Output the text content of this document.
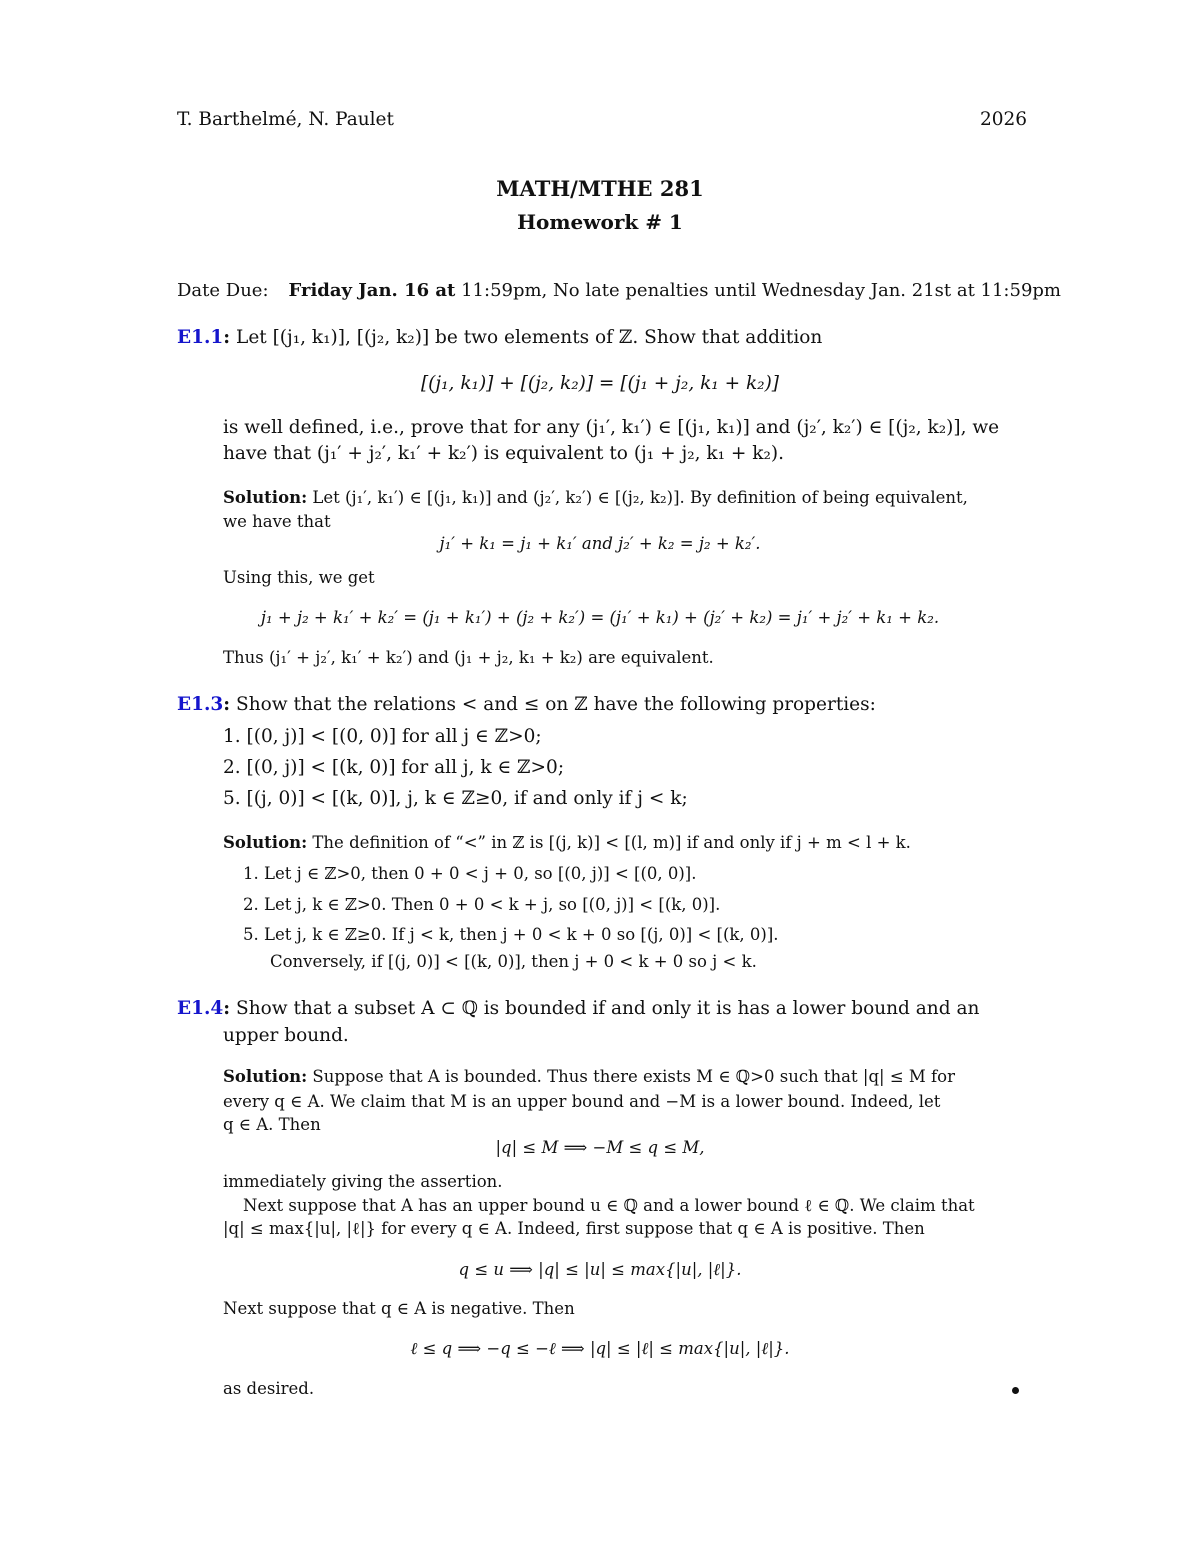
T. Barthelmé, N. Paulet	2026
MATH/MTHE 281
Homework # 1
Date Due: Friday Jan. 16 at 11:59pm, No late penalties until Wednesday Jan. 21st at 11:59pm
E1.1: Let [(j₁, k₁)], [(j₂, k₂)] be two elements of ℤ. Show that addition
[(j₁, k₁)] + [(j₂, k₂)] = [(j₁ + j₂, k₁ + k₂)]
is well defined, i.e., prove that for any (j₁′, k₁′) ∈ [(j₁, k₁)] and (j₂′, k₂′) ∈ [(j₂, k₂)], we
have that (j₁′ + j₂′, k₁′ + k₂′) is equivalent to (j₁ + j₂, k₁ + k₂).
Solution: Let (j₁′, k₁′) ∈ [(j₁, k₁)] and (j₂′, k₂′) ∈ [(j₂, k₂)]. By definition of being equivalent,
we have that
j₁′ + k₁ = j₁ + k₁′ and j₂′ + k₂ = j₂ + k₂′.
Using this, we get
j₁ + j₂ + k₁′ + k₂′ = (j₁ + k₁′) + (j₂ + k₂′) = (j₁′ + k₁) + (j₂′ + k₂) = j₁′ + j₂′ + k₁ + k₂.
Thus (j₁′ + j₂′, k₁′ + k₂′) and (j₁ + j₂, k₁ + k₂) are equivalent.
E1.3: Show that the relations < and ≤ on ℤ have the following properties:
1. [(0, j)] < [(0, 0)] for all j ∈ ℤ>0;
2. [(0, j)] < [(k, 0)] for all j, k ∈ ℤ>0;
5. [(j, 0)] < [(k, 0)], j, k ∈ ℤ≥0, if and only if j < k;
Solution: The definition of “<” in ℤ is [(j, k)] < [(l, m)] if and only if j + m < l + k.
1. Let j ∈ ℤ>0, then 0 + 0 < j + 0, so [(0, j)] < [(0, 0)].
2. Let j, k ∈ ℤ>0. Then 0 + 0 < k + j, so [(0, j)] < [(k, 0)].
5. Let j, k ∈ ℤ≥0. If j < k, then j + 0 < k + 0 so [(j, 0)] < [(k, 0)].
Conversely, if [(j, 0)] < [(k, 0)], then j + 0 < k + 0 so j < k.
E1.4: Show that a subset A ⊂ ℚ is bounded if and only it is has a lower bound and an
upper bound.
Solution: Suppose that A is bounded. Thus there exists M ∈ ℚ>0 such that |q| ≤ M for
every q ∈ A. We claim that M is an upper bound and −M is a lower bound. Indeed, let
q ∈ A. Then
|q| ≤ M ⟹ −M ≤ q ≤ M,
immediately giving the assertion.
Next suppose that A has an upper bound u ∈ ℚ and a lower bound ℓ ∈ ℚ. We claim that
|q| ≤ max{|u|, |ℓ|} for every q ∈ A. Indeed, first suppose that q ∈ A is positive. Then
q ≤ u ⟹ |q| ≤ |u| ≤ max{|u|, |ℓ|}.
Next suppose that q ∈ A is negative. Then
ℓ ≤ q ⟹ −q ≤ −ℓ ⟹ |q| ≤ |ℓ| ≤ max{|u|, |ℓ|}.
as desired.
